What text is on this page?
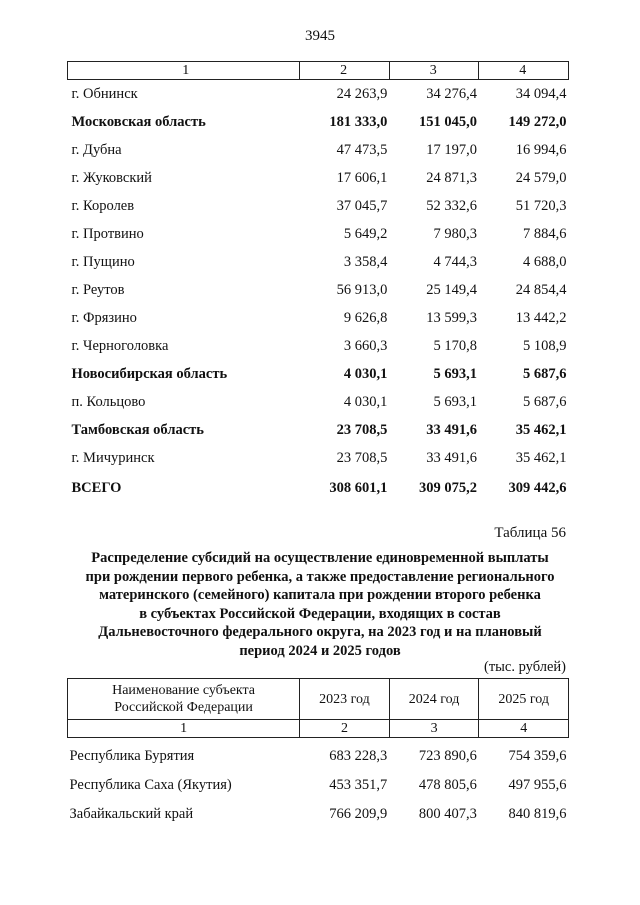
3945
1	2	3	4
г. Обнинск	24 263,9	34 276,4	34 094,4
Московская область	181 333,0	151 045,0	149 272,0
г. Дубна	47 473,5	17 197,0	16 994,6
г. Жуковский	17 606,1	24 871,3	24 579,0
г. Королев	37 045,7	52 332,6	51 720,3
г. Протвино	5 649,2	7 980,3	7 884,6
г. Пущино	3 358,4	4 744,3	4 688,0
г. Реутов	56 913,0	25 149,4	24 854,4
г. Фрязино	9 626,8	13 599,3	13 442,2
г. Черноголовка	3 660,3	5 170,8	5 108,9
Новосибирская область	4 030,1	5 693,1	5 687,6
п. Кольцово	4 030,1	5 693,1	5 687,6
Тамбовская область	23 708,5	33 491,6	35 462,1
г. Мичуринск	23 708,5	33 491,6	35 462,1
ВСЕГО	308 601,1	309 075,2	309 442,6
Таблица 56
Распределение субсидий на осуществление единовременной выплаты
при рождении первого ребенка, а также предоставление регионального
материнского (семейного) капитала при рождении второго ребенка
в субъектах Российской Федерации, входящих в состав
Дальневосточного федерального округа, на 2023 год и на плановый
период 2024 и 2025 годов
(тыс. рублей)
Наименование субъекта
Российской Федерации	2023 год	2024 год	2025 год
1	2	3	4
Республика Бурятия	683 228,3	723 890,6	754 359,6
Республика Саха (Якутия)	453 351,7	478 805,6	497 955,6
Забайкальский край	766 209,9	800 407,3	840 819,6
